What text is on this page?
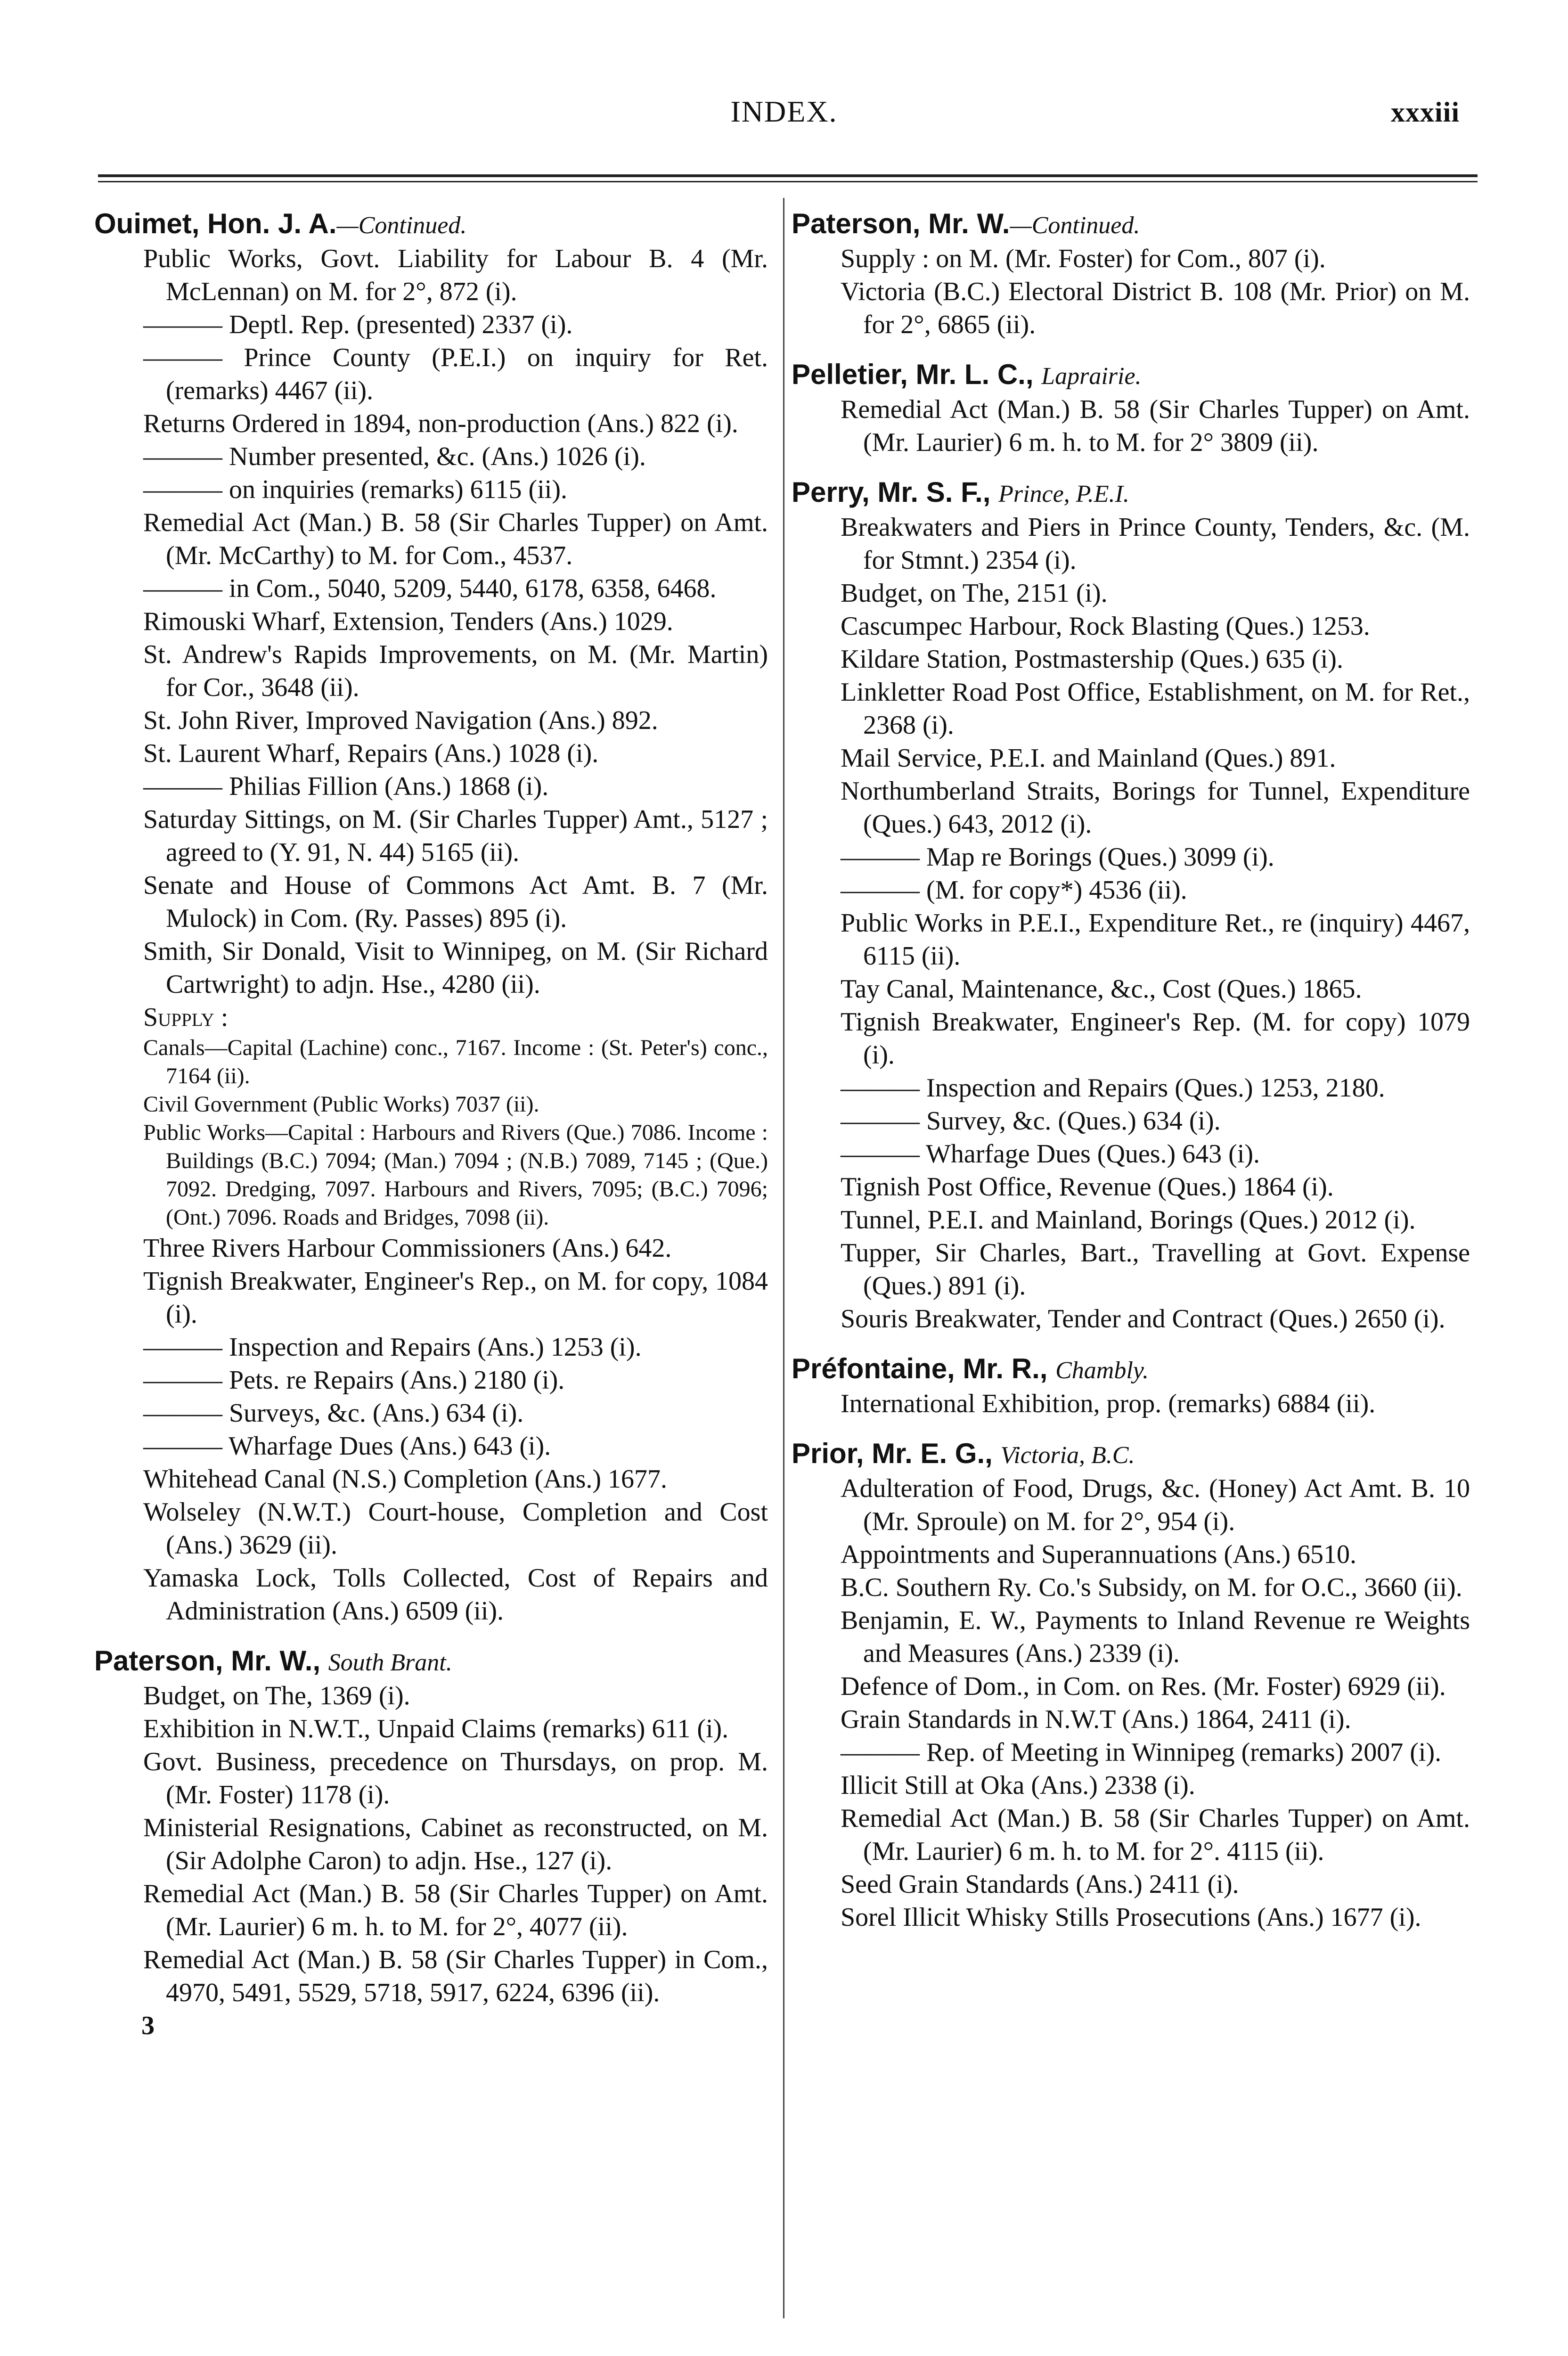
INDEX.	xxxiii
Ouimet, Hon. J. A.—Continued.
Public Works, Govt. Liability for Labour B. 4 (Mr. McLennan) on M. for 2°, 872 (i).
——— Deptl. Rep. (presented) 2337 (i).
——— Prince County (P.E.I.) on inquiry for Ret. (remarks) 4467 (ii).
Returns Ordered in 1894, non-production (Ans.) 822 (i).
——— Number presented, &c. (Ans.) 1026 (i).
——— on inquiries (remarks) 6115 (ii).
Remedial Act (Man.) B. 58 (Sir Charles Tupper) on Amt. (Mr. McCarthy) to M. for Com., 4537.
——— in Com., 5040, 5209, 5440, 6178, 6358, 6468.
Rimouski Wharf, Extension, Tenders (Ans.) 1029.
St. Andrew's Rapids Improvements, on M. (Mr. Martin) for Cor., 3648 (ii).
St. John River, Improved Navigation (Ans.) 892.
St. Laurent Wharf, Repairs (Ans.) 1028 (i).
——— Philias Fillion (Ans.) 1868 (i).
Saturday Sittings, on M. (Sir Charles Tupper) Amt., 5127 ; agreed to (Y. 91, N. 44) 5165 (ii).
Senate and House of Commons Act Amt. B. 7 (Mr. Mulock) in Com. (Ry. Passes) 895 (i).
Smith, Sir Donald, Visit to Winnipeg, on M. (Sir Richard Cartwright) to adjn. Hse., 4280 (ii).
Supply :
Canals—Capital (Lachine) conc., 7167. Income : (St. Peter's) conc., 7164 (ii).
Civil Government (Public Works) 7037 (ii).
Public Works—Capital : Harbours and Rivers (Que.) 7086. Income : Buildings (B.C.) 7094; (Man.) 7094 ; (N.B.) 7089, 7145 ; (Que.) 7092. Dredging, 7097. Harbours and Rivers, 7095; (B.C.) 7096; (Ont.) 7096. Roads and Bridges, 7098 (ii).
Three Rivers Harbour Commissioners (Ans.) 642.
Tignish Breakwater, Engineer's Rep., on M. for copy, 1084 (i).
——— Inspection and Repairs (Ans.) 1253 (i).
——— Pets. re Repairs (Ans.) 2180 (i).
——— Surveys, &c. (Ans.) 634 (i).
——— Wharfage Dues (Ans.) 643 (i).
Whitehead Canal (N.S.) Completion (Ans.) 1677.
Wolseley (N.W.T.) Court-house, Completion and Cost (Ans.) 3629 (ii).
Yamaska Lock, Tolls Collected, Cost of Repairs and Administration (Ans.) 6509 (ii).
Paterson, Mr. W., South Brant.
Budget, on The, 1369 (i).
Exhibition in N.W.T., Unpaid Claims (remarks) 611 (i).
Govt. Business, precedence on Thursdays, on prop. M. (Mr. Foster) 1178 (i).
Ministerial Resignations, Cabinet as reconstructed, on M. (Sir Adolphe Caron) to adjn. Hse., 127 (i).
Remedial Act (Man.) B. 58 (Sir Charles Tupper) on Amt. (Mr. Laurier) 6 m. h. to M. for 2°, 4077 (ii).
Remedial Act (Man.) B. 58 (Sir Charles Tupper) in Com., 4970, 5491, 5529, 5718, 5917, 6224, 6396 (ii).
3
Paterson, Mr. W.—Continued.
Supply : on M. (Mr. Foster) for Com., 807 (i).
Victoria (B.C.) Electoral District B. 108 (Mr. Prior) on M. for 2°, 6865 (ii).
Pelletier, Mr. L. C., Laprairie.
Remedial Act (Man.) B. 58 (Sir Charles Tupper) on Amt. (Mr. Laurier) 6 m. h. to M. for 2° 3809 (ii).
Perry, Mr. S. F., Prince, P.E.I.
Breakwaters and Piers in Prince County, Tenders, &c. (M. for Stmnt.) 2354 (i).
Budget, on The, 2151 (i).
Cascumpec Harbour, Rock Blasting (Ques.) 1253.
Kildare Station, Postmastership (Ques.) 635 (i).
Linkletter Road Post Office, Establishment, on M. for Ret., 2368 (i).
Mail Service, P.E.I. and Mainland (Ques.) 891.
Northumberland Straits, Borings for Tunnel, Expenditure (Ques.) 643, 2012 (i).
——— Map re Borings (Ques.) 3099 (i).
——— (M. for copy*) 4536 (ii).
Public Works in P.E.I., Expenditure Ret., re (inquiry) 4467, 6115 (ii).
Tay Canal, Maintenance, &c., Cost (Ques.) 1865.
Tignish Breakwater, Engineer's Rep. (M. for copy) 1079 (i).
——— Inspection and Repairs (Ques.) 1253, 2180.
——— Survey, &c. (Ques.) 634 (i).
——— Wharfage Dues (Ques.) 643 (i).
Tignish Post Office, Revenue (Ques.) 1864 (i).
Tunnel, P.E.I. and Mainland, Borings (Ques.) 2012 (i).
Tupper, Sir Charles, Bart., Travelling at Govt. Expense (Ques.) 891 (i).
Souris Breakwater, Tender and Contract (Ques.) 2650 (i).
Préfontaine, Mr. R., Chambly.
International Exhibition, prop. (remarks) 6884 (ii).
Prior, Mr. E. G., Victoria, B.C.
Adulteration of Food, Drugs, &c. (Honey) Act Amt. B. 10 (Mr. Sproule) on M. for 2°, 954 (i).
Appointments and Superannuations (Ans.) 6510.
B.C. Southern Ry. Co.'s Subsidy, on M. for O.C., 3660 (ii).
Benjamin, E. W., Payments to Inland Revenue re Weights and Measures (Ans.) 2339 (i).
Defence of Dom., in Com. on Res. (Mr. Foster) 6929 (ii).
Grain Standards in N.W.T (Ans.) 1864, 2411 (i).
——— Rep. of Meeting in Winnipeg (remarks) 2007 (i).
Illicit Still at Oka (Ans.) 2338 (i).
Remedial Act (Man.) B. 58 (Sir Charles Tupper) on Amt. (Mr. Laurier) 6 m. h. to M. for 2°. 4115 (ii).
Seed Grain Standards (Ans.) 2411 (i).
Sorel Illicit Whisky Stills Prosecutions (Ans.) 1677 (i).
